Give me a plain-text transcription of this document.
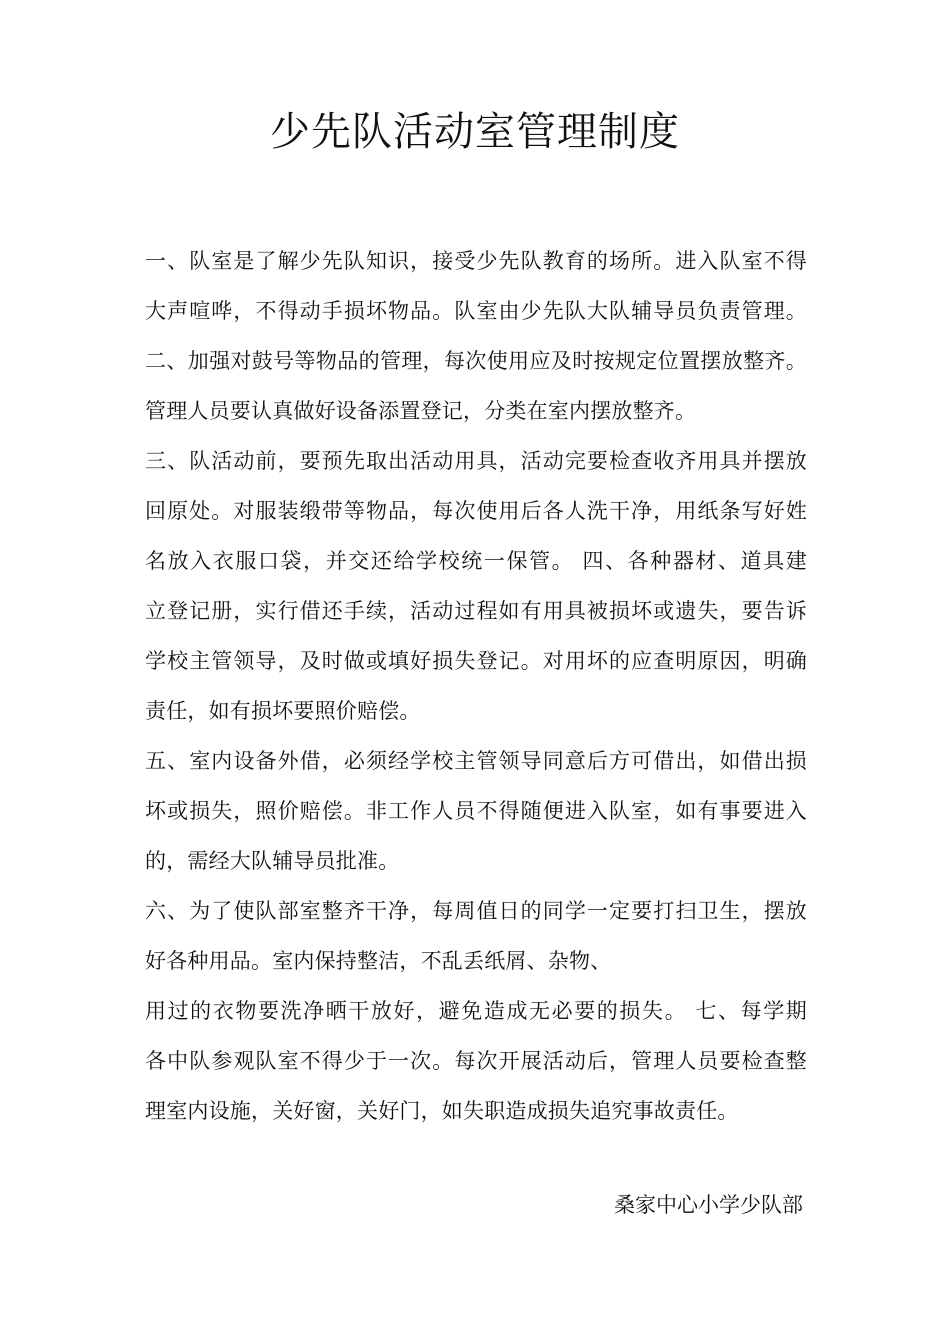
少先队活动室管理制度
一、队室是了解少先队知识，接受少先队教育的场所。进入队室不得
大声喧哗，不得动手损坏物品。队室由少先队大队辅导员负责管理。
二、加强对鼓号等物品的管理，每次使用应及时按规定位置摆放整齐。
管理人员要认真做好设备添置登记，分类在室内摆放整齐。
三、队活动前，要预先取出活动用具，活动完要检查收齐用具并摆放
回原处。对服装缎带等物品，每次使用后各人洗干净，用纸条写好姓
名放入衣服口袋，并交还给学校统一保管。 四、各种器材、道具建
立登记册，实行借还手续，活动过程如有用具被损坏或遗失，要告诉
学校主管领导，及时做或填好损失登记。对用坏的应查明原因，明确
责任，如有损坏要照价赔偿。
五、室内设备外借，必须经学校主管领导同意后方可借出，如借出损
坏或损失，照价赔偿。非工作人员不得随便进入队室，如有事要进入
的，需经大队辅导员批准。
六、为了使队部室整齐干净，每周值日的同学一定要打扫卫生，摆放
好各种用品。室内保持整洁，不乱丢纸屑、杂物、
用过的衣物要洗净晒干放好，避免造成无必要的损失。 七、每学期
各中队参观队室不得少于一次。每次开展活动后，管理人员要检查整
理室内设施，关好窗，关好门，如失职造成损失追究事故责任。
桑家中心小学少队部
